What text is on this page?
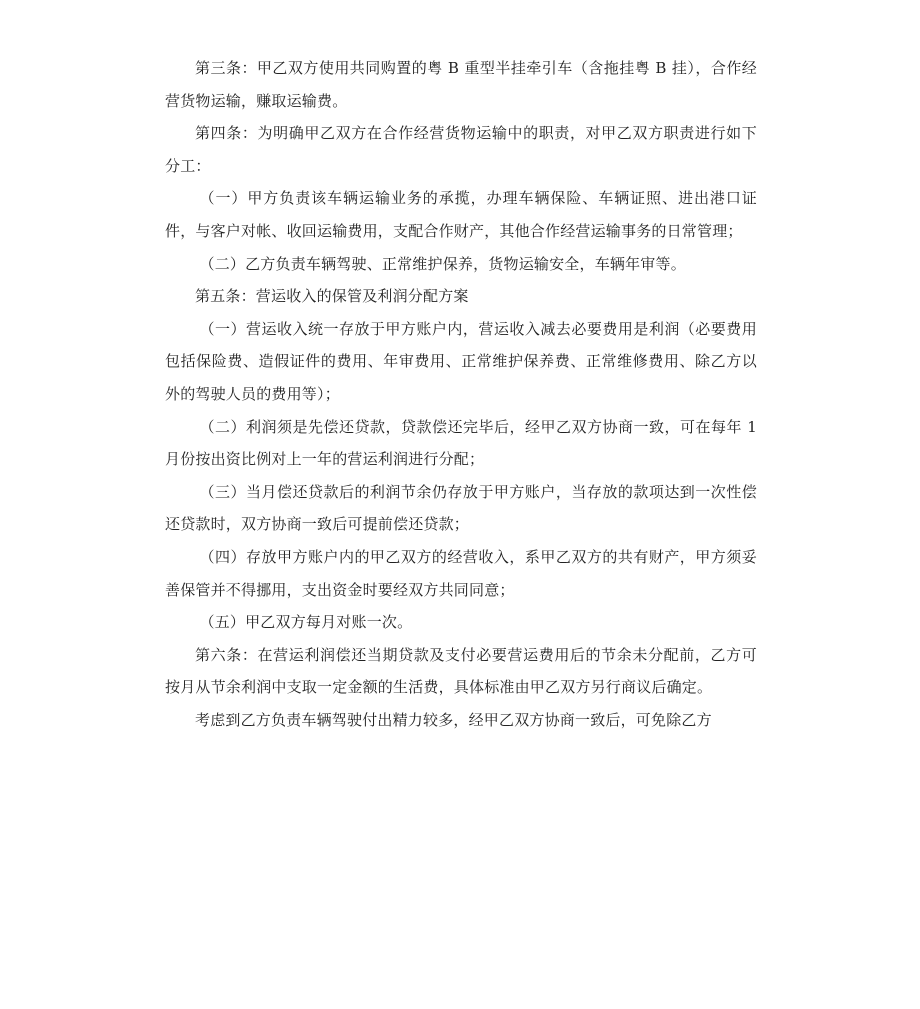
第三条：甲乙双方使用共同购置的粤 B 重型半挂牵引车（含拖挂粤 B 挂），合作经营货物运输，赚取运输费。

第四条：为明确甲乙双方在合作经营货物运输中的职责，对甲乙双方职责进行如下分工：

（一）甲方负责该车辆运输业务的承揽，办理车辆保险、车辆证照、进出港口证件，与客户对帐、收回运输费用，支配合作财产，其他合作经营运输事务的日常管理；

（二）乙方负责车辆驾驶、正常维护保养，货物运输安全，车辆年审等。

第五条：营运收入的保管及利润分配方案

（一）营运收入统一存放于甲方账户内，营运收入减去必要费用是利润（必要费用包括保险费、造假证件的费用、年审费用、正常维护保养费、正常维修费用、除乙方以外的驾驶人员的费用等）；

（二）利润须是先偿还贷款，贷款偿还完毕后，经甲乙双方协商一致，可在每年 1 月份按出资比例对上一年的营运利润进行分配；

（三）当月偿还贷款后的利润节余仍存放于甲方账户，当存放的款项达到一次性偿还贷款时，双方协商一致后可提前偿还贷款；

（四）存放甲方账户内的甲乙双方的经营收入，系甲乙双方的共有财产，甲方须妥善保管并不得挪用，支出资金时要经双方共同同意；

（五）甲乙双方每月对账一次。

第六条：在营运利润偿还当期贷款及支付必要营运费用后的节余未分配前，乙方可按月从节余利润中支取一定金额的生活费，具体标准由甲乙双方另行商议后确定。

考虑到乙方负责车辆驾驶付出精力较多，经甲乙双方协商一致后，可免除乙方
